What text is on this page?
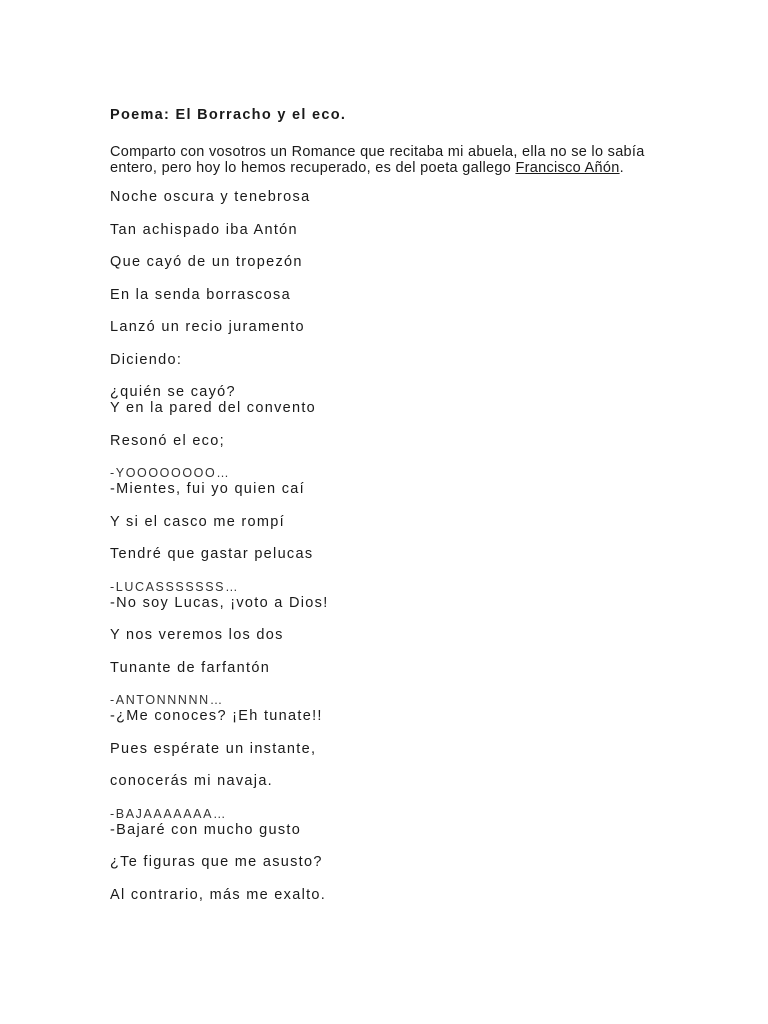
Poema: El Borracho y el eco.

Comparto con vosotros un Romance que recitaba mi abuela, ella no se lo sabía entero, pero hoy lo hemos recuperado, es del poeta gallego Francisco Añón.

Noche oscura y tenebrosa
Tan achispado iba Antón
Que cayó de un tropezón
En la senda borrascosa
Lanzó un recio juramento
Diciendo:
¿quién se cayó?
Y en la pared del convento
Resonó el eco;
-YOOOOOOOO…
-Mientes, fui yo quien caí
Y si el casco me rompí
Tendré que gastar pelucas
-LUCASSSSSSS…
-No soy Lucas, ¡voto a Dios!
Y nos veremos los dos
Tunante de farfantón
-ANTONNNNN…
-¿Me conoces? ¡Eh tunate!!
Pues espérate un instante,
conocerás mi navaja.
-BAJAAAAAAA…
-Bajaré con mucho gusto
¿Te figuras que me asusto?
Al contrario, más me exalto.
